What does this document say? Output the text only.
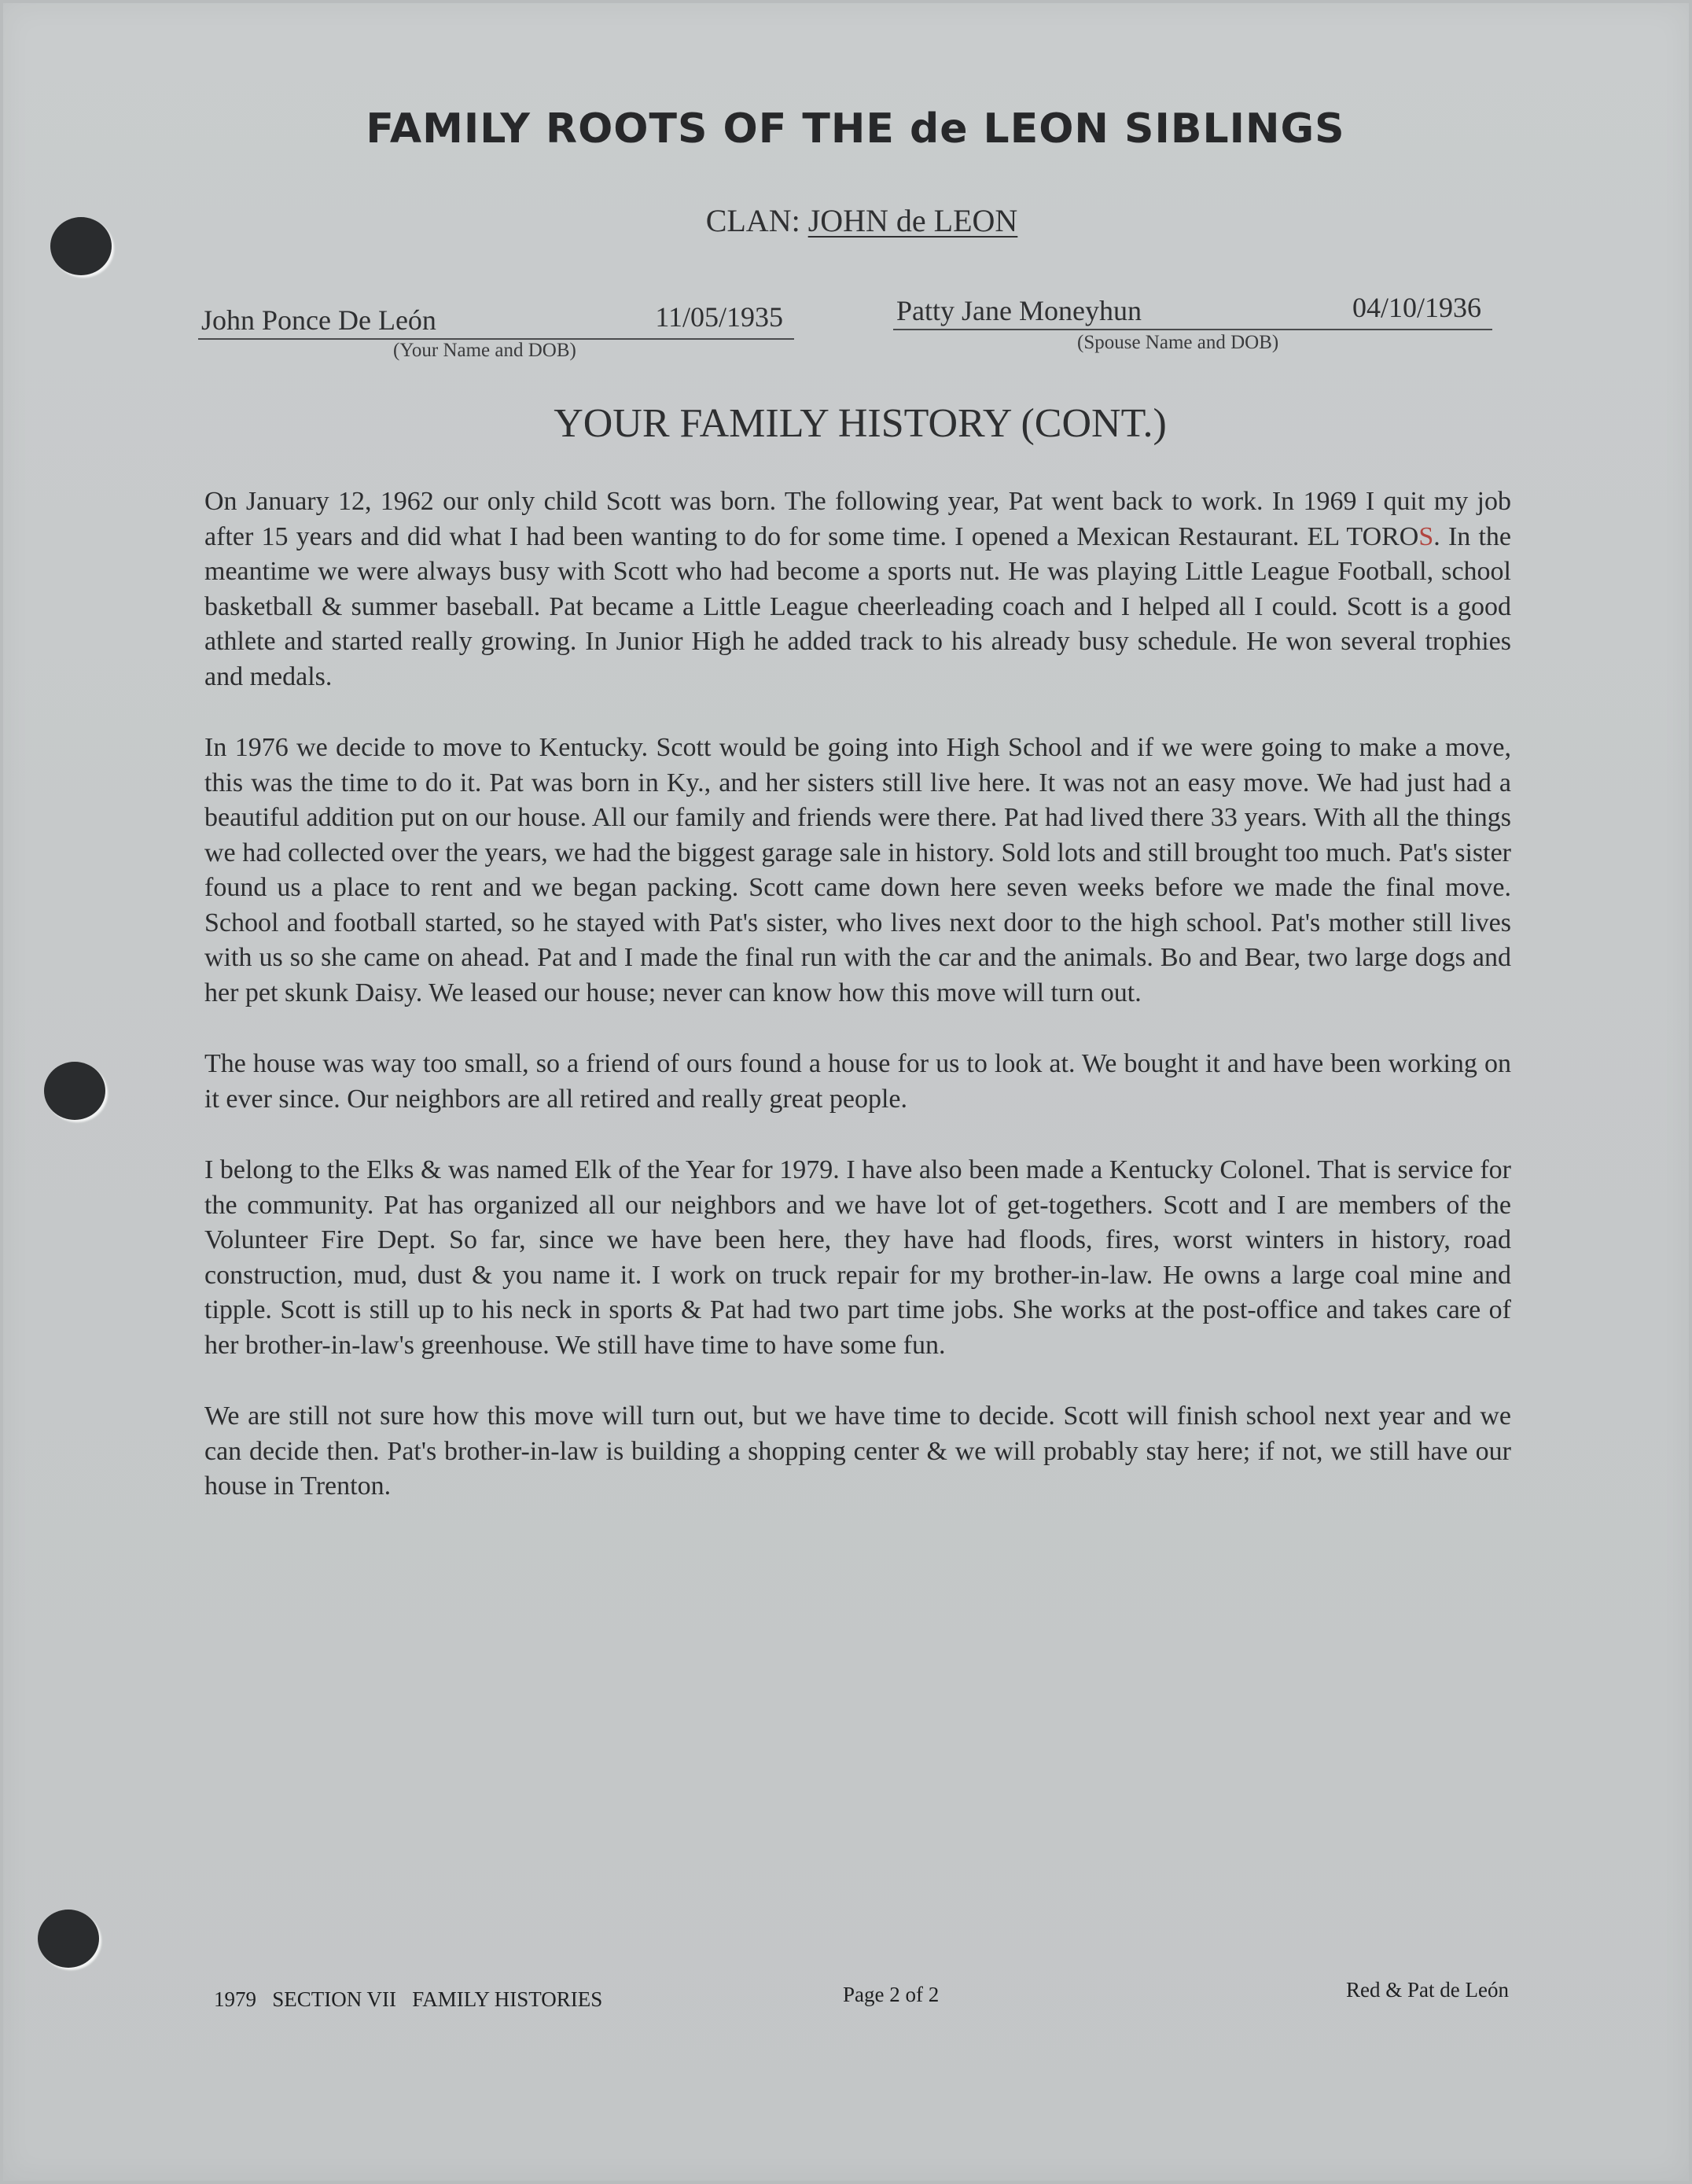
FAMILY ROOTS OF THE de LEON SIBLINGS
CLAN: JOHN de LEON
John Ponce De León	11/05/1935
(Your Name and DOB)
Patty Jane Moneyhun	04/10/1936
(Spouse Name and DOB)
YOUR FAMILY HISTORY (CONT.)

On January 12, 1962 our only child Scott was born. The following year, Pat went back to work. In 1969 I quit my job after 15 years and did what I had been wanting to do for some time. I opened a Mexican Restaurant. EL TOROS. In the meantime we were always busy with Scott who had become a sports nut. He was playing Little League Football, school basketball & summer baseball. Pat became a Little League cheerleading coach and I helped all I could. Scott is a good athlete and started really growing. In Junior High he added track to his already busy schedule. He won several trophies and medals.

In 1976 we decide to move to Kentucky. Scott would be going into High School and if we were going to make a move, this was the time to do it. Pat was born in Ky., and her sisters still live here. It was not an easy move. We had just had a beautiful addition put on our house. All our family and friends were there. Pat had lived there 33 years. With all the things we had collected over the years, we had the biggest garage sale in history. Sold lots and still brought too much. Pat's sister found us a place to rent and we began packing. Scott came down here seven weeks before we made the final move. School and football started, so he stayed with Pat's sister, who lives next door to the high school. Pat's mother still lives with us so she came on ahead. Pat and I made the final run with the car and the animals. Bo and Bear, two large dogs and her pet skunk Daisy. We leased our house; never can know how this move will turn out.

The house was way too small, so a friend of ours found a house for us to look at. We bought it and have been working on it ever since. Our neighbors are all retired and really great people.

I belong to the Elks & was named Elk of the Year for 1979. I have also been made a Kentucky Colonel. That is service for the community. Pat has organized all our neighbors and we have lot of get-togethers. Scott and I are members of the Volunteer Fire Dept. So far, since we have been here, they have had floods, fires, worst winters in history, road construction, mud, dust & you name it. I work on truck repair for my brother-in-law. He owns a large coal mine and tipple. Scott is still up to his neck in sports & Pat had two part time jobs. She works at the post-office and takes care of her brother-in-law's greenhouse. We still have time to have some fun.

We are still not sure how this move will turn out, but we have time to decide. Scott will finish school next year and we can decide then. Pat's brother-in-law is building a shopping center & we will probably stay here; if not, we still have our house in Trenton.

1979   SECTION VII   FAMILY HISTORIES	Page 2 of 2	Red & Pat de León
